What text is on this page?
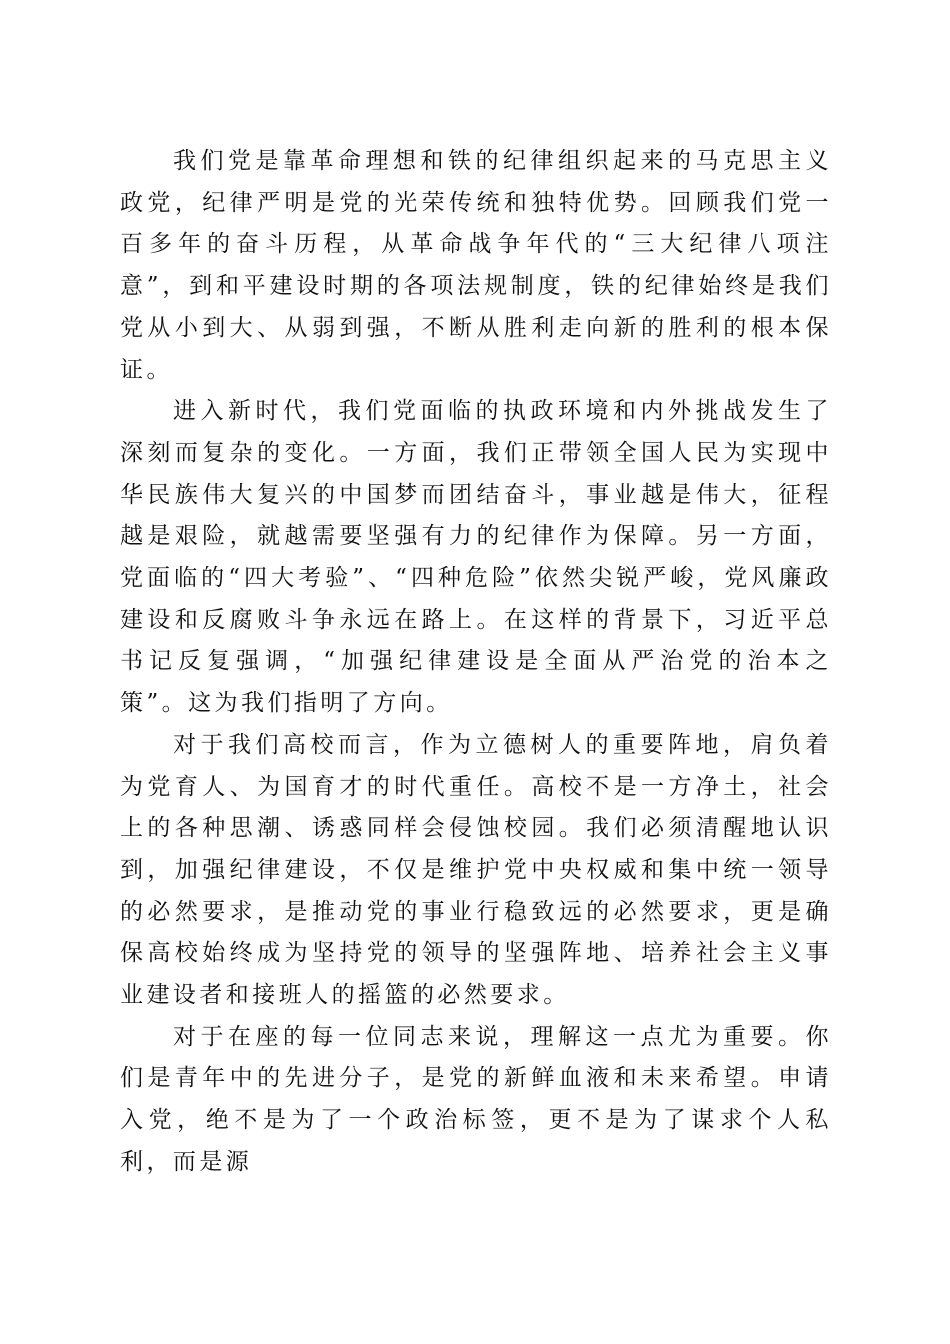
我们党是靠革命理想和铁的纪律组织起来的马克思主义政党，纪律严明是党的光荣传统和独特优势。回顾我们党一百多年的奋斗历程，从革命战争年代的“三大纪律八项注意”，到和平建设时期的各项法规制度，铁的纪律始终是我们党从小到大、从弱到强，不断从胜利走向新的胜利的根本保证。

进入新时代，我们党面临的执政环境和内外挑战发生了深刻而复杂的变化。一方面，我们正带领全国人民为实现中华民族伟大复兴的中国梦而团结奋斗，事业越是伟大，征程越是艰险，就越需要坚强有力的纪律作为保障。另一方面，党面临的“四大考验”、“四种危险”依然尖锐严峻，党风廉政建设和反腐败斗争永远在路上。在这样的背景下，习近平总书记反复强调，“加强纪律建设是全面从严治党的治本之策”。这为我们指明了方向。

对于我们高校而言，作为立德树人的重要阵地，肩负着为党育人、为国育才的时代重任。高校不是一方净土，社会上的各种思潮、诱惑同样会侵蚀校园。我们必须清醒地认识到，加强纪律建设，不仅是维护党中央权威和集中统一领导的必然要求，是推动党的事业行稳致远的必然要求，更是确保高校始终成为坚持党的领导的坚强阵地、培养社会主义事业建设者和接班人的摇篮的必然要求。

对于在座的每一位同志来说，理解这一点尤为重要。你们是青年中的先进分子，是党的新鲜血液和未来希望。申请入党，绝不是为了一个政治标签，更不是为了谋求个人私利，而是源
